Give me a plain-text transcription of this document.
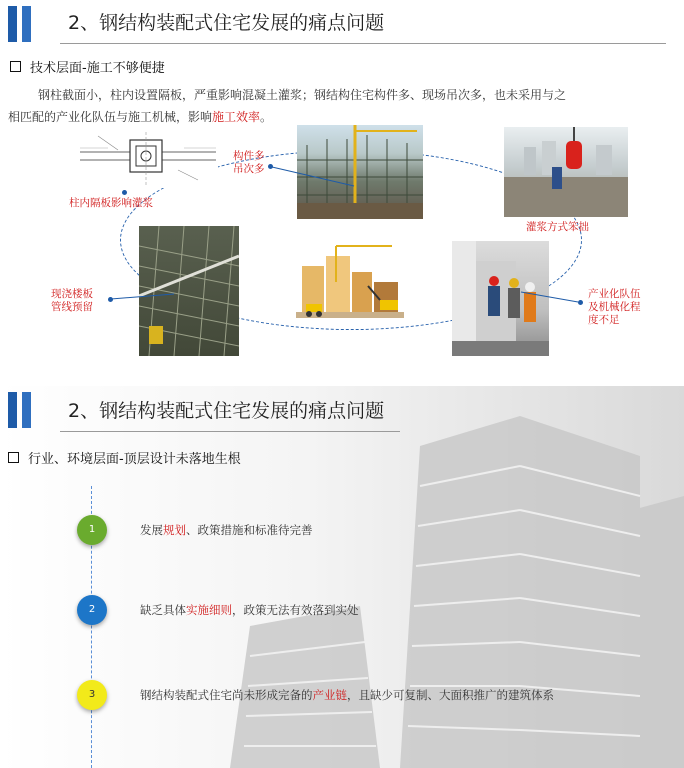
2、钢结构装配式住宅发展的痛点问题
技术层面-施工不够便捷
钢柱截面小，柱内设置隔板，严重影响混凝土灌浆；钢结构住宅构件多、现场吊次多，也未采用与之
相匹配的产业化队伍与施工机械，影响施工效率。
柱内隔板影响灌浆
构件多
吊次多
灌浆方式笨拙
现浇楼板
管线预留
产业化队伍
及机械化程
度不足
2、钢结构装配式住宅发展的痛点问题
行业、环境层面-顶层设计未落地生根
1	发展规划、政策措施和标准待完善
2	缺乏具体实施细则，政策无法有效落到实处
3	钢结构装配式住宅尚未形成完备的产业链，且缺少可复制、大面积推广的建筑体系
